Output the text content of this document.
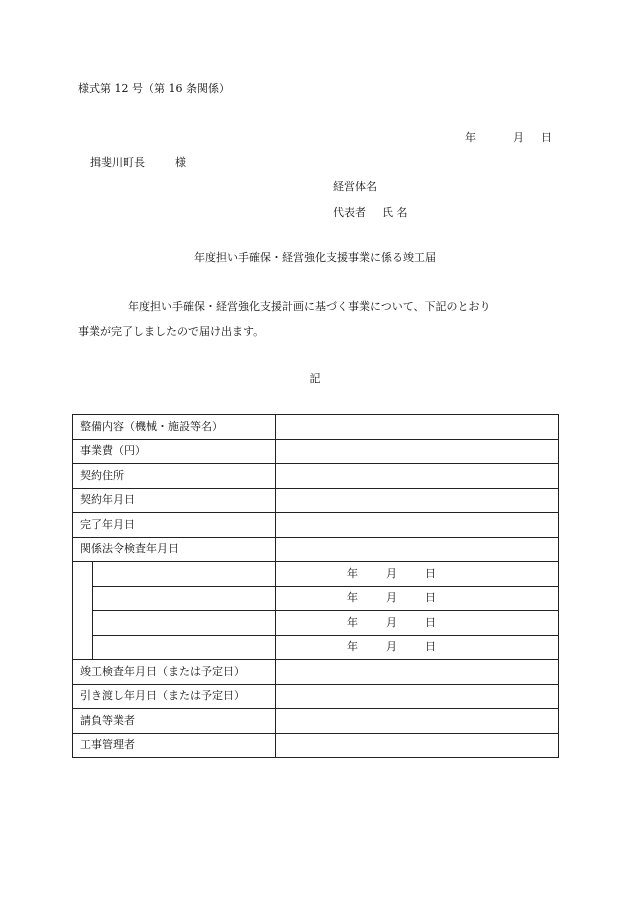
様式第 12 号（第 16 条関係）
年	月 日
揖斐川町長	様
経営体名
代表者 氏 名
年度担い手確保・経営強化支援事業に係る竣工届
年度担い手確保・経営強化支援計画に基づく事業について、下記のとおり
事業が完了しましたので届け出ます。
記
整備内容（機械・施設等名）		
事業費（円）		
契約住所		
契約年月日		
完了年月日		
関係法令検査年月日		
		年 月 日
		年 月 日
		年 月 日
		年 月 日
竣工検査年月日（または予定日）		
引き渡し年月日（または予定日）		
請負等業者		
工事管理者		
